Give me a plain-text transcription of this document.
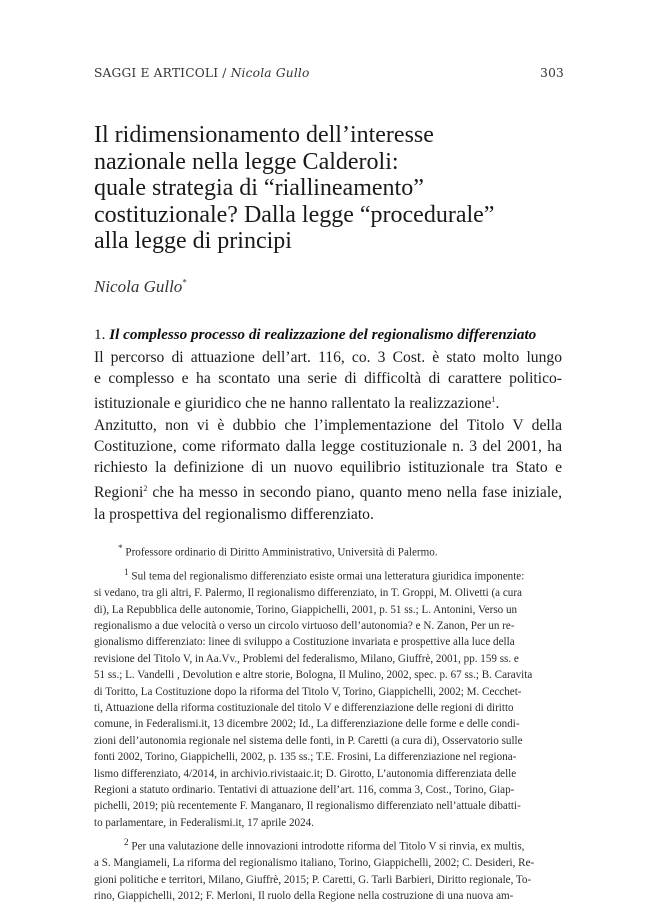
SAGGI E ARTICOLI / Nicola Gullo	303
Il ridimensionamento dell’interesse
nazionale nella legge Calderoli:
quale strategia di “riallineamento”
costituzionale? Dalla legge “procedurale”
alla legge di principi
Nicola Gullo*
1. Il complesso processo di realizzazione del regionalismo differenziato
Il percorso di attuazione dell’art. 116, co. 3 Cost. è stato molto lungo
e complesso e ha scontato una serie di difficoltà di carattere politico-
istituzionale e giuridico che ne hanno rallentato la realizzazione$^1$.
Anzitutto, non vi è dubbio che l’implementazione del Titolo V della
Costituzione, come riformato dalla legge costituzionale n. 3 del 2001, ha
richiesto la definizione di un nuovo equilibrio istituzionale tra Stato e
Regioni$^2$ che ha messo in secondo piano, quanto meno nella fase iniziale,
la prospettiva del regionalismo differenziato.
* Professore ordinario di Diritto Amministrativo, Università di Palermo.
$^1$ Sul tema del regionalismo differenziato esiste ormai una letteratura giuridica imponente:
si vedano, tra gli altri, F. Palermo, Il regionalismo differenziato, in T. Groppi, M. Olivetti (a cura
di), La Repubblica delle autonomie, Torino, Giappichelli, 2001, p. 51 ss.; L. Antonini, Verso un
regionalismo a due velocità o verso un circolo virtuoso dell’autonomia? e N. Zanon, Per un re-
gionalismo differenziato: linee di sviluppo a Costituzione invariata e prospettive alla luce della
revisione del Titolo V, in Aa.Vv., Problemi del federalismo, Milano, Giuffrè, 2001, pp. 159 ss. e
51 ss.; L. Vandelli , Devolution e altre storie, Bologna, Il Mulino, 2002, spec. p. 67 ss.; B. Caravita
di Toritto, La Costituzione dopo la riforma del Titolo V, Torino, Giappichelli, 2002; M. Cecchet-
ti, Attuazione della riforma costituzionale del titolo V e differenziazione delle regioni di diritto
comune, in Federalismi.it, 13 dicembre 2002; Id., La differenziazione delle forme e delle condi-
zioni dell’autonomia regionale nel sistema delle fonti, in P. Caretti (a cura di), Osservatorio sulle
fonti 2002, Torino, Giappichelli, 2002, p. 135 ss.; T.E. Frosini, La differenziazione nel regiona-
lismo differenziato, 4/2014, in archivio.rivistaaic.it; D. Girotto, L’autonomia differenziata delle
Regioni a statuto ordinario. Tentativi di attuazione dell’art. 116, comma 3, Cost., Torino, Giap-
pichelli, 2019; più recentemente F. Manganaro, Il regionalismo differenziato nell’attuale dibatti-
to parlamentare, in Federalismi.it, 17 aprile 2024.
$^2$ Per una valutazione delle innovazioni introdotte riforma del Titolo V si rinvia, ex multis,
a S. Mangiameli, La riforma del regionalismo italiano, Torino, Giappichelli, 2002; C. Desideri, Re-
gioni politiche e territori, Milano, Giuffrè, 2015; P. Caretti, G. Tarli Barbieri, Diritto regionale, To-
rino, Giappichelli, 2012; F. Merloni, Il ruolo della Regione nella costruzione di una nuova am-
